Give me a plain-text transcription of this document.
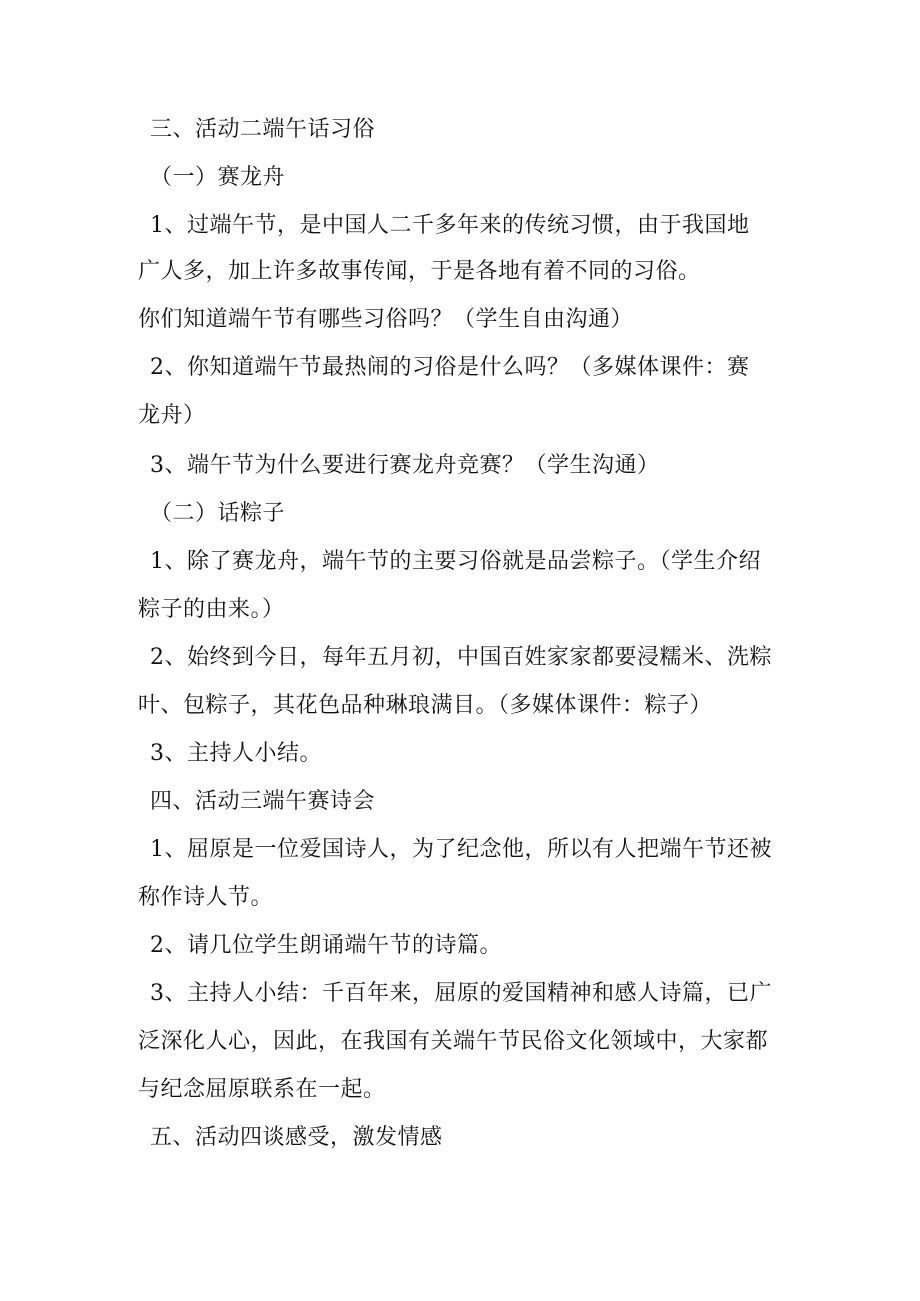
三、活动二端午话习俗
（一）赛龙舟
1、过端午节，是中国人二千多年来的传统习惯，由于我国地
广人多，加上许多故事传闻，于是各地有着不同的习俗。
你们知道端午节有哪些习俗吗？（学生自由沟通）
2、你知道端午节最热闹的习俗是什么吗？（多媒体课件：赛
龙舟）
3、端午节为什么要进行赛龙舟竞赛？（学生沟通）
（二）话粽子
1、除了赛龙舟，端午节的主要习俗就是品尝粽子。（学生介绍
粽子的由来。）
2、始终到今日，每年五月初，中国百姓家家都要浸糯米、洗粽
叶、包粽子，其花色品种琳琅满目。（多媒体课件：粽子）
3、主持人小结。
四、活动三端午赛诗会
1、屈原是一位爱国诗人，为了纪念他，所以有人把端午节还被
称作诗人节。
2、请几位学生朗诵端午节的诗篇。
3、主持人小结：千百年来，屈原的爱国精神和感人诗篇，已广
泛深化人心，因此，在我国有关端午节民俗文化领域中，大家都
与纪念屈原联系在一起。
五、活动四谈感受，激发情感
